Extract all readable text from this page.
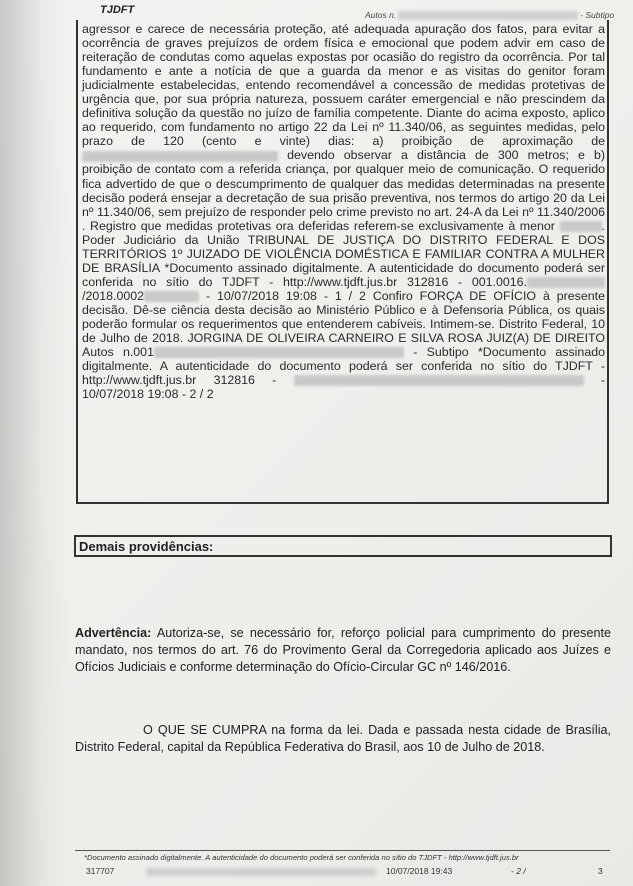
TJDFT	Autos n.	- Subtipo

agressor e carece de necessária proteção, até adequada apuração dos fatos, para evitar a ocorrência de graves prejuízos de ordem física e emocional que podem advir em caso de reiteração de condutas como aquelas expostas por ocasião do registro da ocorrência. Por tal fundamento e ante a notícia de que a guarda da menor e as visitas do genitor foram judicialmente estabelecidas, entendo recomendável a concessão de medidas protetivas de urgência que, por sua própria natureza, possuem caráter emergencial e não prescindem da definitiva solução da questão no juízo de família competente. Diante do acima exposto, aplico ao requerido, com fundamento no artigo 22 da Lei nº 11.340/06, as seguintes medidas, pelo prazo de 120 (cento e vinte) dias: a) proibição de aproximação de  devendo observar a distância de 300 metros; e b) proibição de contato com a referida criança, por qualquer meio de comunicação. O requerido fica advertido de que o descumprimento de qualquer das medidas determinadas na presente decisão poderá ensejar a decretação de sua prisão preventiva, nos termos do artigo 20 da Lei nº 11.340/06, sem prejuízo de responder pelo crime previsto no art. 24-A da Lei nº 11.340/2006 . Registro que medidas protetivas ora deferidas referem-se exclusivamente à menor	. Poder Judiciário da União TRIBUNAL DE JUSTIÇA DO DISTRITO FEDERAL E DOS TERRITÓRIOS 1º JUIZADO DE VIOLÊNCIA DOMÉSTICA E FAMILIAR CONTRA A MULHER DE BRASÍLIA *Documento assinado digitalmente. A autenticidade do documento poderá ser conferida no sítio do TJDFT - http://www.tjdft.jus.br 312816 - 001.0016./2018.0002	- 10/07/2018 19:08 - 1 / 2 Confiro FORÇA DE OFÍCIO à presente decisão. Dê-se ciência desta decisão ao Ministério Público e à Defensoria Pública, os quais poderão formular os requerimentos que entenderem cabíveis. Intimem-se. Distrito Federal, 10 de Julho de 2018. JORGINA DE OLIVEIRA CARNEIRO E SILVA ROSA JUIZ(A) DE DIREITO Autos n.001	- Subtipo *Documento assinado digitalmente. A autenticidade do documento poderá ser conferida no sítio do TJDFT - http://www.tjdft.jus.br 312816 -	- 10/07/2018 19:08 - 2 / 2

Demais providências:
Advertência: Autoriza-se, se necessário for, reforço policial para cumprimento do presente mandato, nos termos do art. 76 do Provimento Geral da Corregedoria aplicado aos Juízes e Ofícios Judiciais e conforme determinação do Ofício-Circular GC nº 146/2016.
O QUE SE CUMPRA na forma da lei. Dada e passada nesta cidade de Brasília, Distrito Federal, capital da República Federativa do Brasil, aos 10 de Julho de 2018.
*Documento assinado digitalmente. A autenticidade do documento poderá ser conferida no sítio do TJDFT - http://www.tjdft.jus.br
317707	10/07/2018 19:43	- 2 /	3
